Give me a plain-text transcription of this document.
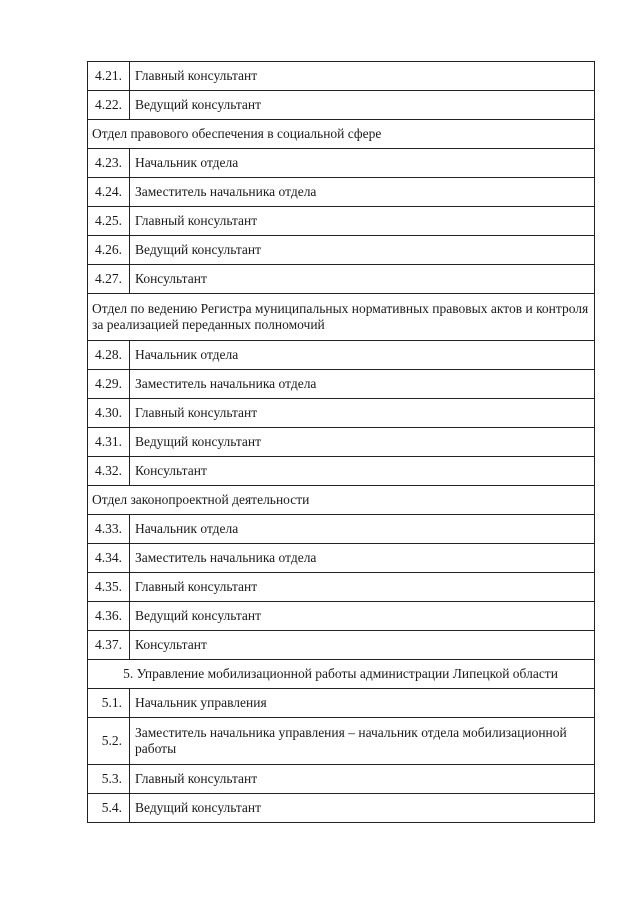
4.21.	Главный консультант
4.22.	Ведущий консультант
Отдел правового обеспечения в социальной сфере	
4.23.	Начальник отдела
4.24.	Заместитель начальника отдела
4.25.	Главный консультант
4.26.	Ведущий консультант
4.27.	Консультант
Отдел по ведению Регистра муниципальных нормативных правовых актов и контроля за реализацией переданных полномочий	
4.28.	Начальник отдела
4.29.	Заместитель начальника отдела
4.30.	Главный консультант
4.31.	Ведущий консультант
4.32.	Консультант
Отдел законопроектной деятельности	
4.33.	Начальник отдела
4.34.	Заместитель начальника отдела
4.35.	Главный консультант
4.36.	Ведущий консультант
4.37.	Консультант
5. Управление мобилизационной работы администрации Липецкой области	
5.1.	Начальник управления
5.2.	Заместитель начальника управления – начальник отдела мобилизационной работы
5.3.	Главный консультант
5.4.	Ведущий консультант
